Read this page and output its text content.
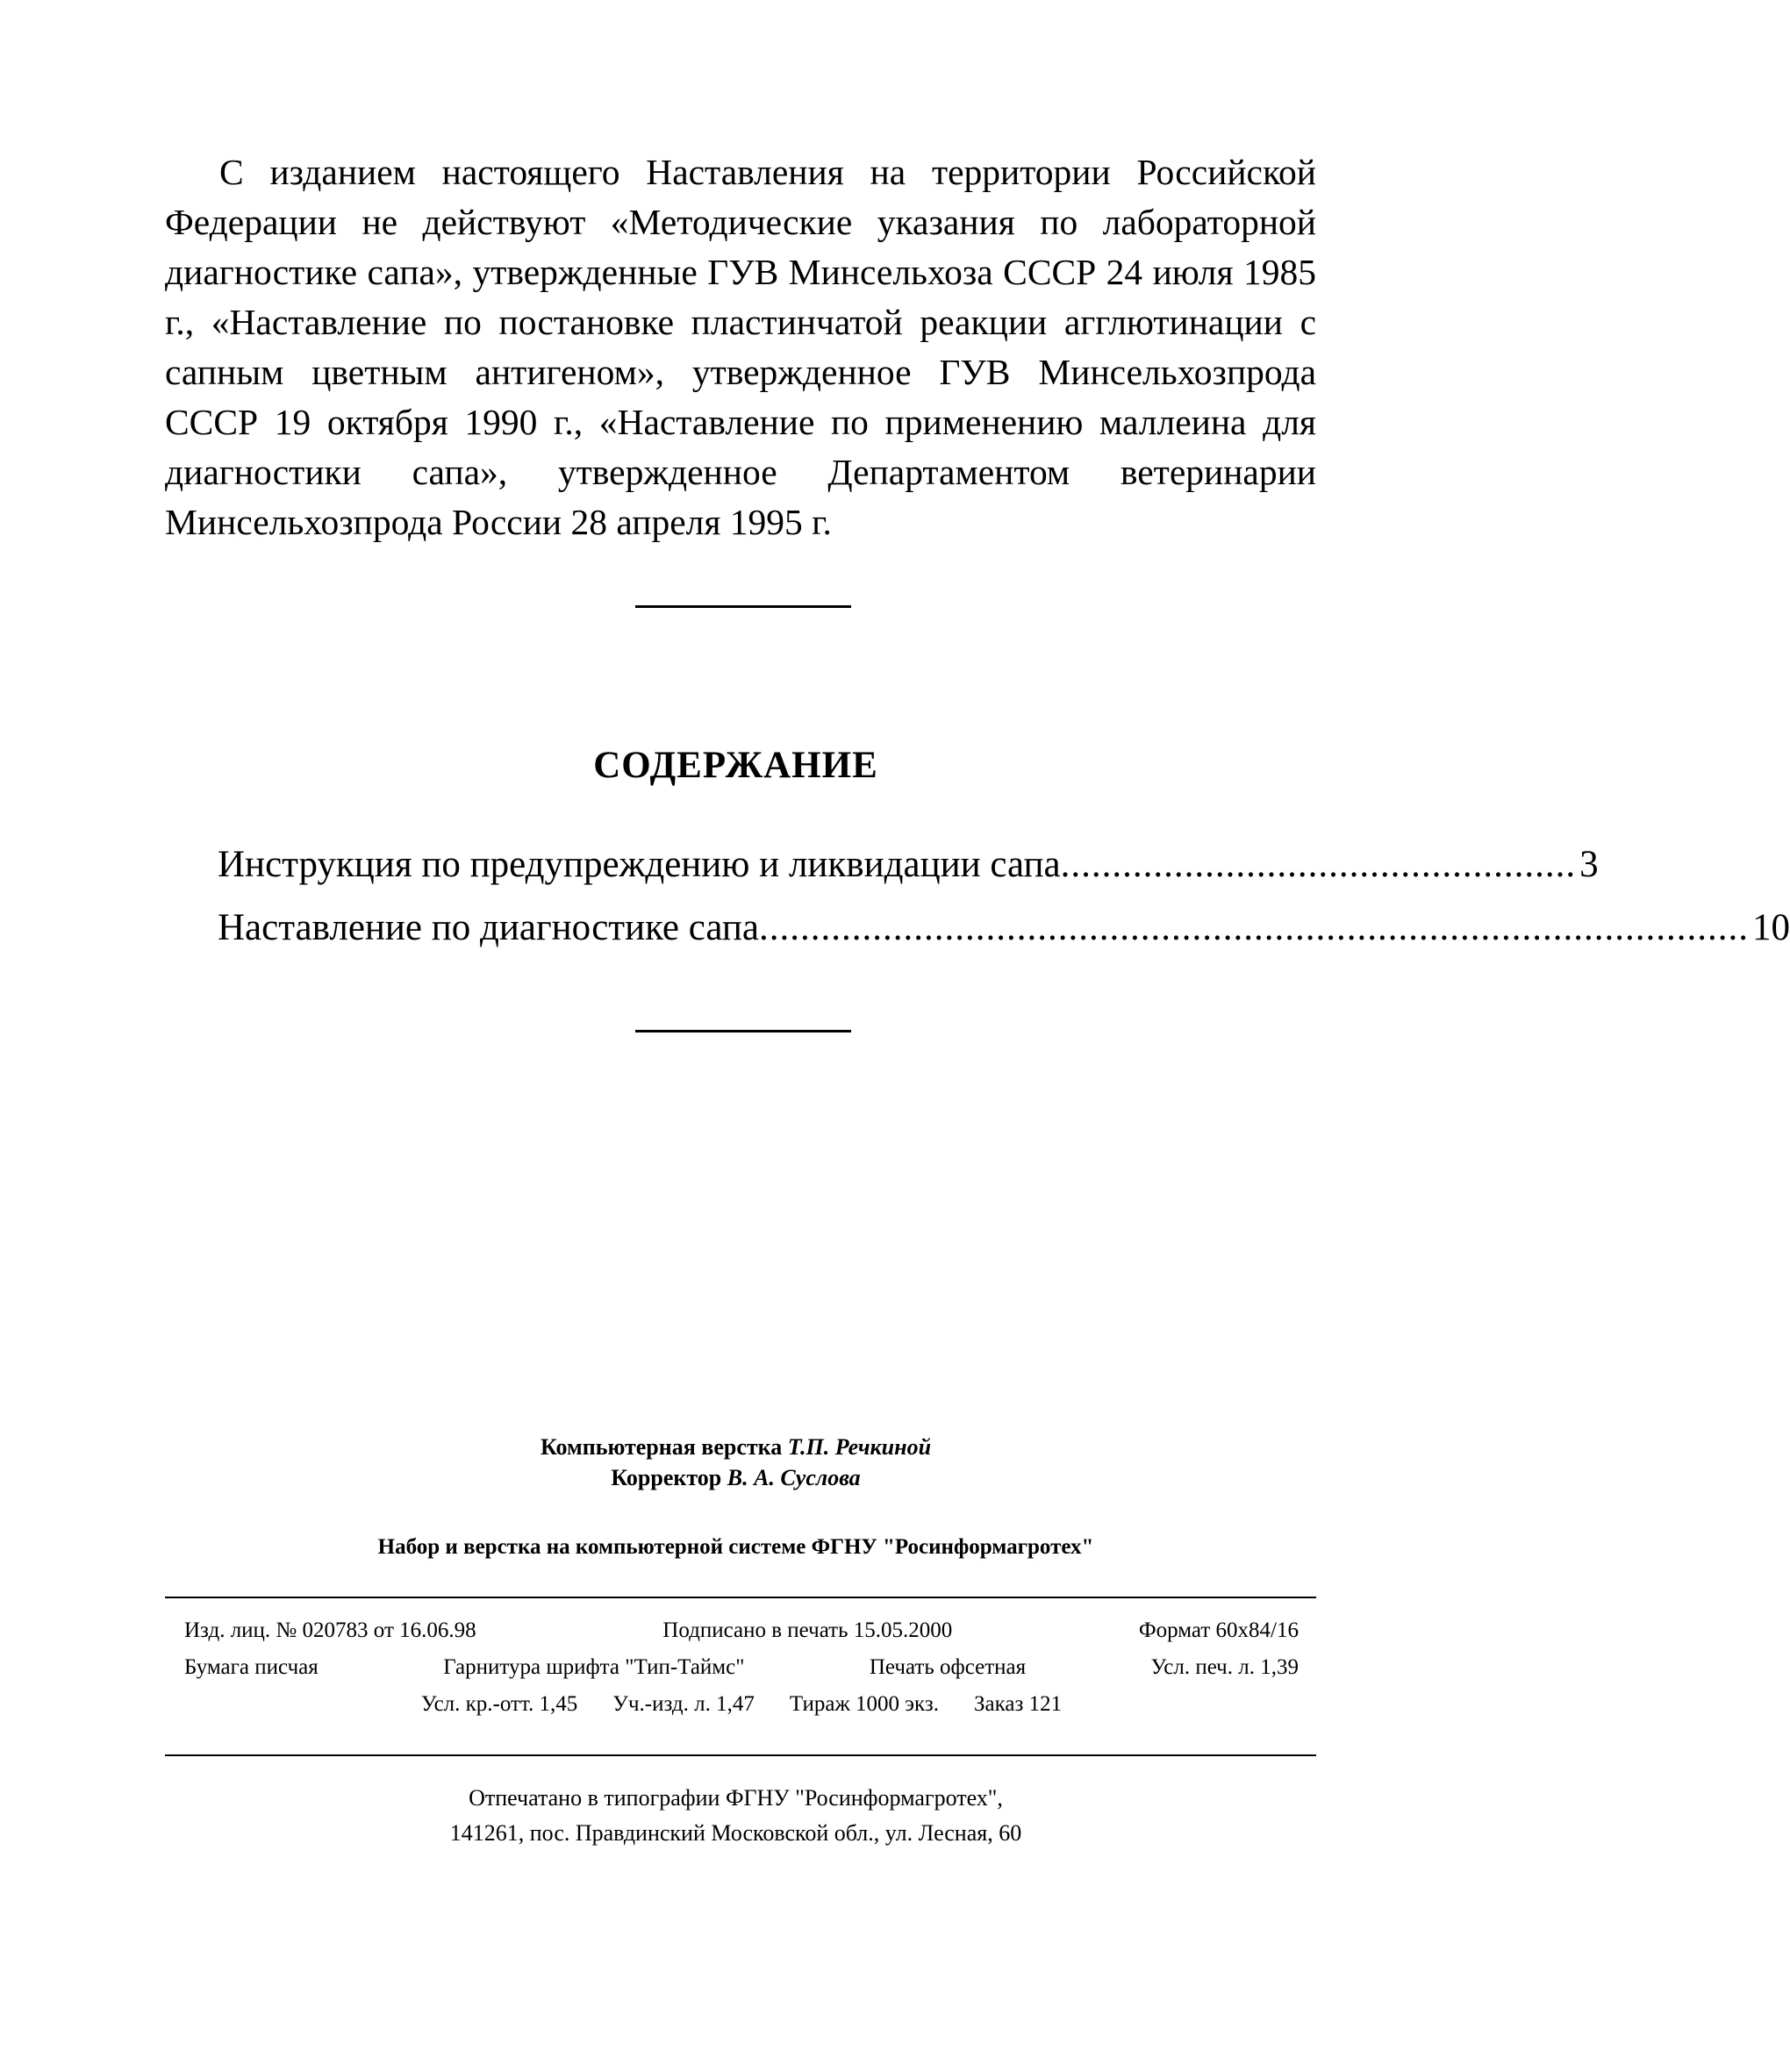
С изданием настоящего Наставления на территории Российской Федерации не действуют «Методические указания по лабораторной диагностике сапа», утвержденные ГУВ Минсельхоза СССР 24 июля 1985 г., «Наставление по постановке пластинчатой реакции агглютинации с сапным цветным антигеном», утвержденное ГУВ Минсельхозпрода СССР 19 октября 1990 г., «Наставление по применению маллеина для диагностики сапа», утвержденное Департаментом ветеринарии Минсельхозпрода России 28 апреля 1995 г.

СОДЕРЖАНИЕ
Инструкция по предупреждению и ликвидации сапа .................................................. 3
Наставление по диагностике сапа ................................................................................................ 10
Компьютерная верстка Т.П. Речкиной
Корректор В. А. Суслова
Набор и верстка на компьютерной системе ФГНУ "Росинформагротех"
Изд. лиц. № 020783 от 16.06.98	Подписано в печать 15.05.2000	Формат 60х84/16
Бумага писчая	Гарнитура шрифта "Тип-Таймс"	Печать офсетная	Усл. печ. л. 1,39
Усл. кр.-отт. 1,45 Уч.-изд. л. 1,47 Тираж 1000 экз. Заказ 121
Отпечатано в типографии ФГНУ "Росинформагротех",
141261, пос. Правдинский Московской обл., ул. Лесная, 60
